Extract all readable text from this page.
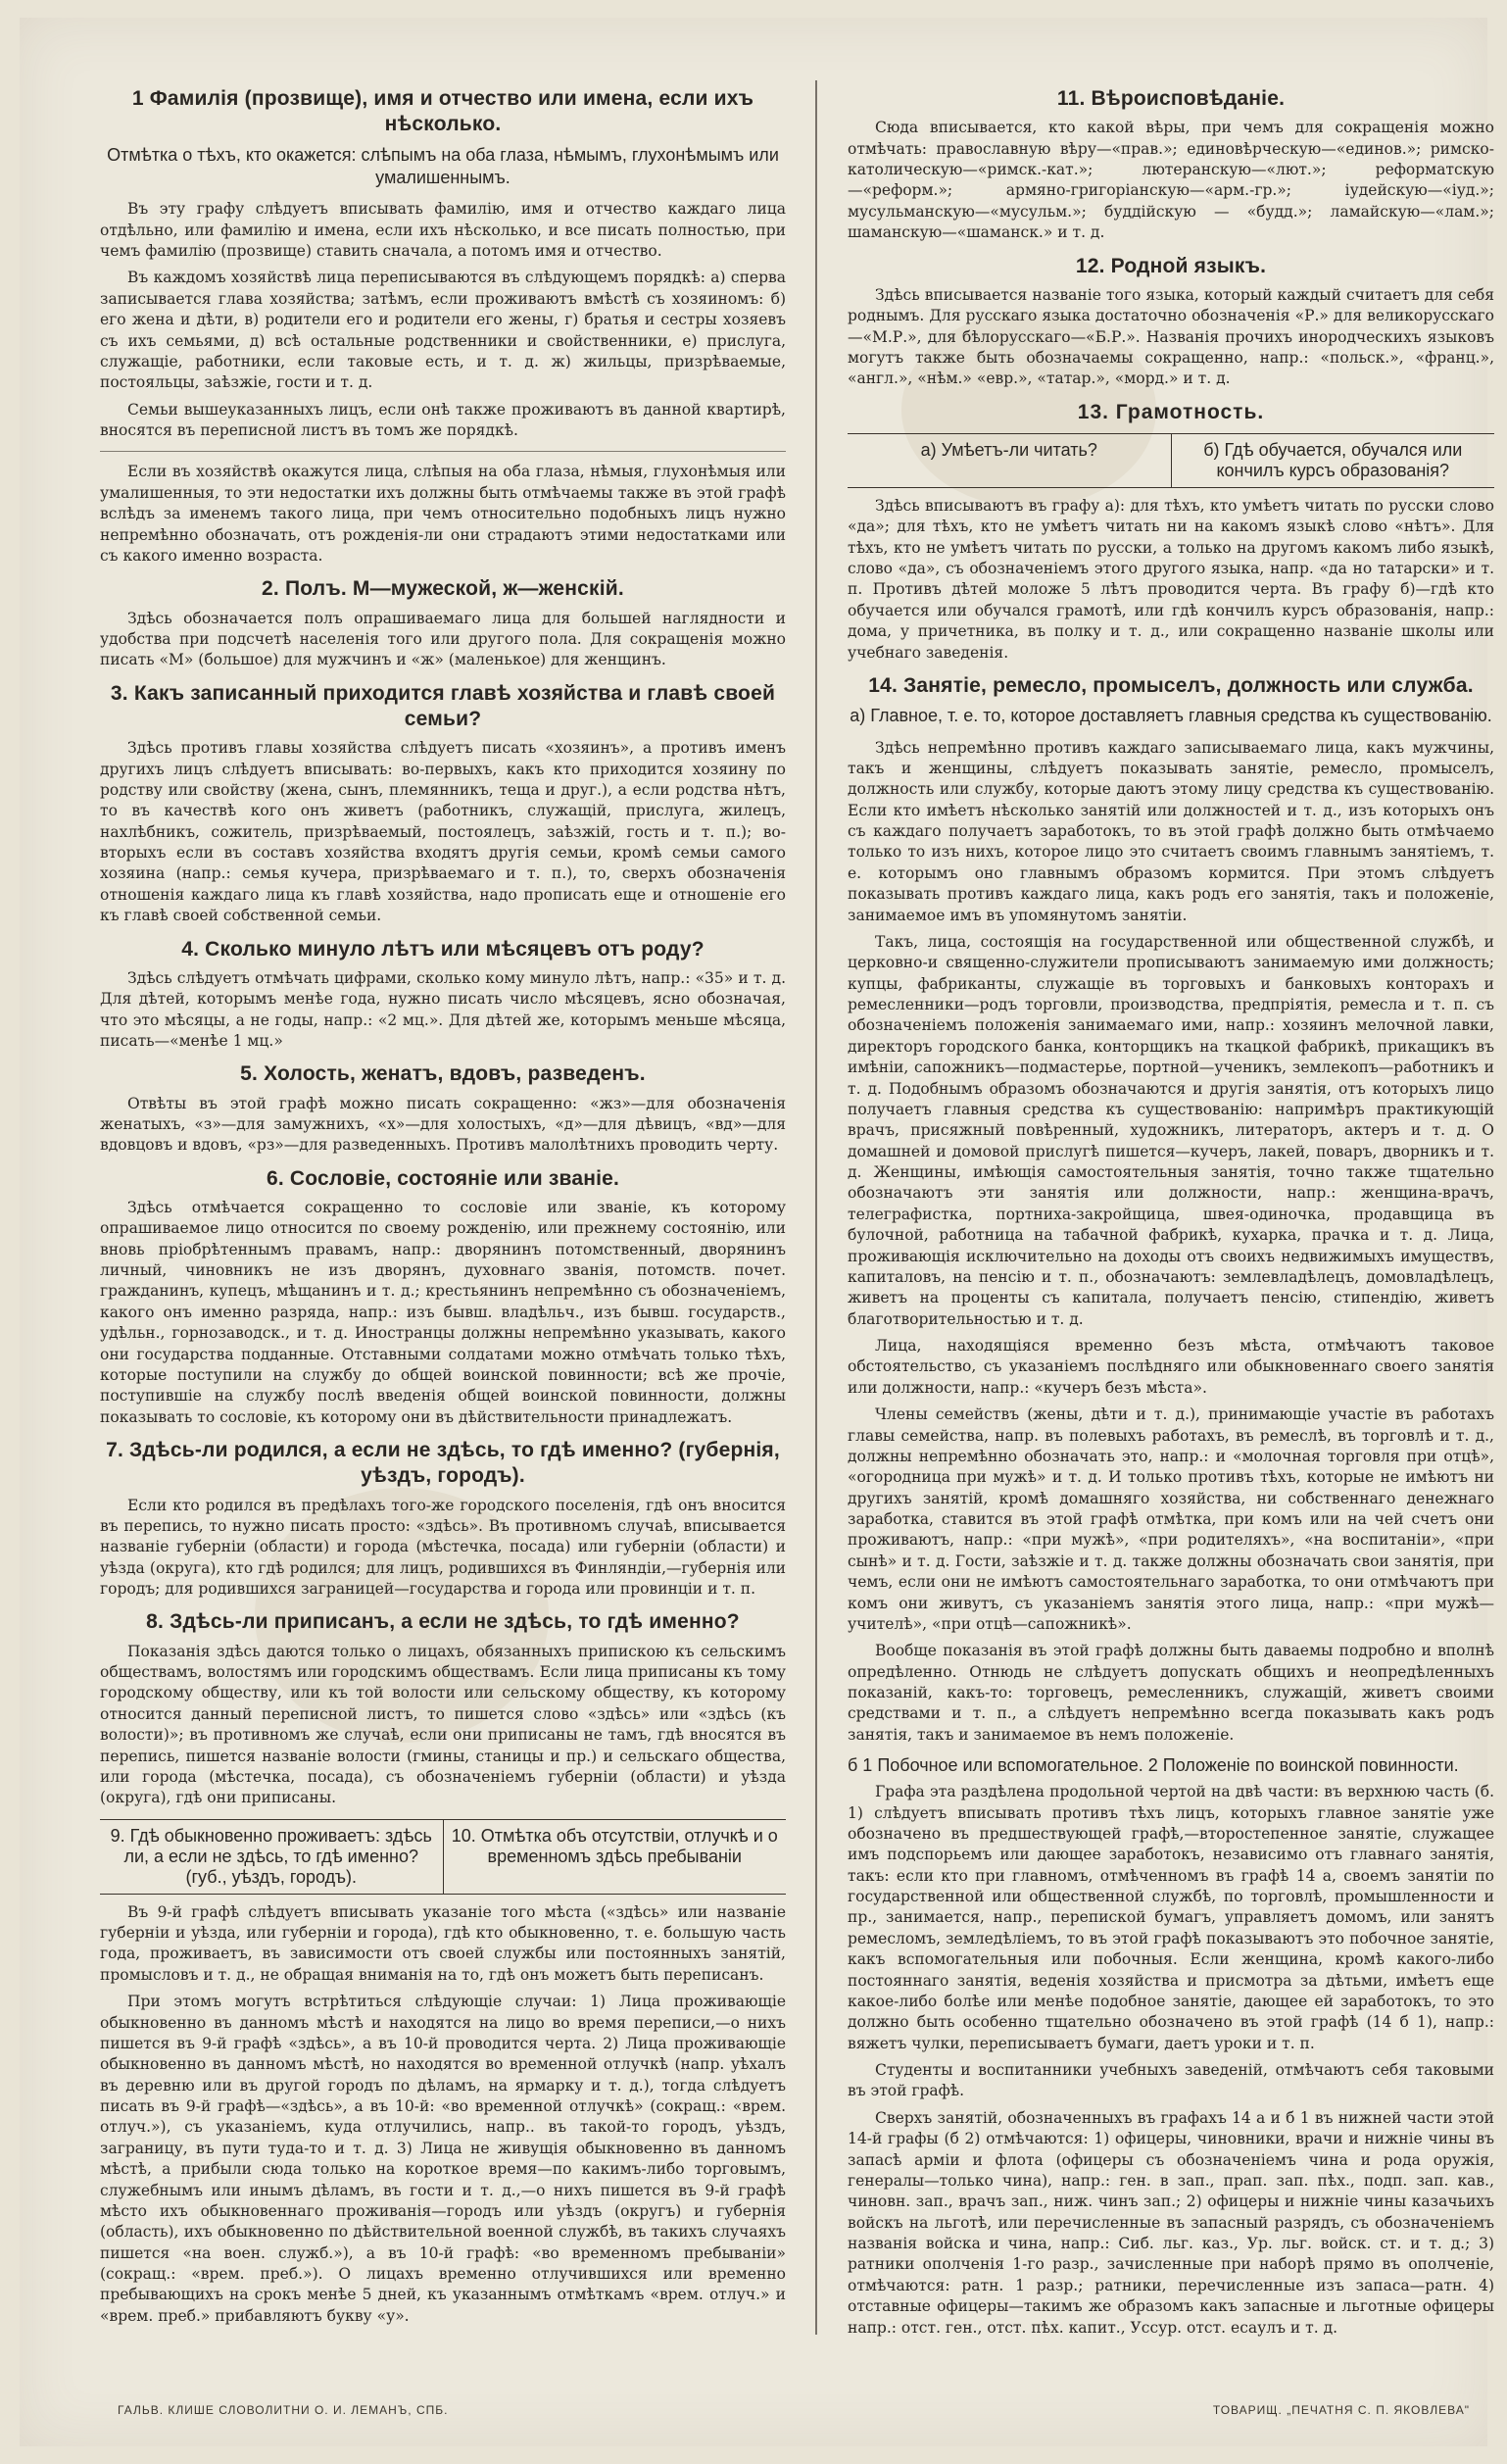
1 Фамилія (прозвище), имя и отчество или имена, если ихъ нѣсколько.
Отмѣтка о тѣхъ, кто окажется: слѣпымъ на оба глаза, нѣмымъ, глухонѣмымъ или умалишеннымъ.

Въ эту графу слѣдуетъ вписывать фамилію, имя и отчество каждаго лица отдѣльно, или фамилію и имена, если ихъ нѣсколько, и все писать полностью, при чемъ фамилію (прозвище) ставить сначала, а потомъ имя и отчество.

Въ каждомъ хозяйствѣ лица переписываются въ слѣдующемъ порядкѣ: а) сперва записывается глава хозяйства; затѣмъ, если проживаютъ вмѣстѣ съ хозяиномъ: б) его жена и дѣти, в) родители его и родители его жены, г) братья и сестры хозяевъ съ ихъ семьями, д) всѣ остальные родственники и свойственники, е) прислуга, служащіе, работники, если таковые есть, и т. д. ж) жильцы, призрѣваемые, постояльцы, заѣзжіе, гости и т. д.

Семьи вышеуказанныхъ лицъ, если онѣ также проживаютъ въ данной квартирѣ, вносятся въ переписной листъ въ томъ же порядкѣ.

Если въ хозяйствѣ окажутся лица, слѣпыя на оба глаза, нѣмыя, глухонѣмыя или умалишенныя, то эти недостатки ихъ должны быть отмѣчаемы также въ этой графѣ вслѣдъ за именемъ такого лица, при чемъ относительно подобныхъ лицъ нужно непремѣнно обозначать, отъ рожденія-ли они страдаютъ этими недостатками или съ какого именно возраста.

2. Полъ. М—мужеской, ж—женскій.

Здѣсь обозначается полъ опрашиваемаго лица для большей наглядности и удобства при подсчетѣ населенія того или другого пола. Для сокращенія можно писать «М» (большое) для мужчинъ и «ж» (маленькое) для женщинъ.

3. Какъ записанный приходится главѣ хозяйства и главѣ своей семьи?

Здѣсь противъ главы хозяйства слѣдуетъ писать «хозяинъ», а противъ именъ другихъ лицъ слѣдуетъ вписывать: во-первыхъ, какъ кто приходится хозяину по родству или свойству (жена, сынъ, племянникъ, теща и друг.), а если родства нѣтъ, то въ качествѣ кого онъ живетъ (работникъ, служащій, прислуга, жилецъ, нахлѣбникъ, сожитель, призрѣваемый, постоялецъ, заѣзжій, гость и т. п.); во-вторыхъ если въ составъ хозяйства входятъ другія семьи, кромѣ семьи самого хозяина (напр.: семья кучера, призрѣваемаго и т. п.), то, сверхъ обозначенія отношенія каждаго лица къ главѣ хозяйства, надо прописать еще и отношеніе его къ главѣ своей собственной семьи.

4. Сколько минуло лѣтъ или мѣсяцевъ отъ роду?

Здѣсь слѣдуетъ отмѣчать цифрами, сколько кому минуло лѣтъ, напр.: «35» и т. д. Для дѣтей, которымъ менѣе года, нужно писать число мѣсяцевъ, ясно обозначая, что это мѣсяцы, а не годы, напр.: «2 мц.». Для дѣтей же, которымъ меньше мѣсяца, писать—«менѣе 1 мц.»

5. Холость, женатъ, вдовъ, разведенъ.

Отвѣты въ этой графѣ можно писать сокращенно: «жз»—для обозначенія женатыхъ, «з»—для замужнихъ, «х»—для холостыхъ, «д»—для дѣвицъ, «вд»—для вдовцовъ и вдовъ, «рз»—для разведенныхъ. Противъ малолѣтнихъ проводить черту.

6. Сословіе, состояніе или званіе.

Здѣсь отмѣчается сокращенно то сословіе или званіе, къ которому опрашиваемое лицо относится по своему рожденію, или прежнему состоянію, или вновь пріобрѣтеннымъ правамъ, напр.: дворянинъ потомственный, дворянинъ личный, чиновникъ не изъ дворянъ, духовнаго званія, потомств. почет. гражданинъ, купецъ, мѣщанинъ и т. д.; крестьянинъ непремѣнно съ обозначеніемъ, какого онъ именно разряда, напр.: изъ бывш. владѣльч., изъ бывш. государств., удѣльн., горнозаводск., и т. д. Иностранцы должны непремѣнно указывать, какого они государства подданные. Отставными солдатами можно отмѣчать только тѣхъ, которые поступили на службу до общей воинской повинности; всѣ же прочіе, поступившіе на службу послѣ введенія общей воинской повинности, должны показывать то сословіе, къ которому они въ дѣйствительности принадлежатъ.

7. Здѣсь-ли родился, а если не здѣсь, то гдѣ именно? (губернія, уѣздъ, городъ).

Если кто родился въ предѣлахъ того-же городского поселенія, гдѣ онъ вносится въ перепись, то нужно писать просто: «здѣсь». Въ противномъ случаѣ, вписывается названіе губерніи (области) и города (мѣстечка, посада) или губерніи (области) и уѣзда (округа), кто гдѣ родился; для лицъ, родившихся въ Финляндіи,—губернія или городъ; для родившихся заграницей—государства и города или провинціи и т. п.

8. Здѣсь-ли приписанъ, а если не здѣсь, то гдѣ именно?

Показанія здѣсь даются только о лицахъ, обязанныхъ припискою къ сельскимъ обществамъ, волостямъ или городскимъ обществамъ. Если лица приписаны къ тому городскому обществу, или къ той волости или сельскому обществу, къ которому относится данный переписной листъ, то пишется слово «здѣсь» или «здѣсь (къ волости)»; въ противномъ же случаѣ, если они приписаны не тамъ, гдѣ вносятся въ перепись, пишется названіе волости (гмины, станицы и пр.) и сельскаго общества, или города (мѣстечка, посада), съ обозначеніемъ губерніи (области) и уѣзда (округа), гдѣ они приписаны.

9. Гдѣ обыкновенно проживаетъ: здѣсь ли, а если не здѣсь, то гдѣ именно? (губ., уѣздъ, городъ).
10. Отмѣтка объ отсутствіи, отлучкѣ и о временномъ здѣсь пребываніи

Въ 9-й графѣ слѣдуетъ вписывать указаніе того мѣста («здѣсь» или названіе губерніи и уѣзда, или губерніи и города), гдѣ кто обыкновенно, т. е. большую часть года, проживаетъ, въ зависимости отъ своей службы или постоянныхъ занятій, промысловъ и т. д., не обращая вниманія на то, гдѣ онъ можетъ быть переписанъ.

При этомъ могутъ встрѣтиться слѣдующіе случаи: 1) Лица проживающіе обыкновенно въ данномъ мѣстѣ и находятся на лицо во время переписи,—о нихъ пишется въ 9-й графѣ «здѣсь», а въ 10-й проводится черта. 2) Лица проживающіе обыкновенно въ данномъ мѣстѣ, но находятся во временной отлучкѣ (напр. уѣхалъ въ деревню или въ другой городъ по дѣламъ, на ярмарку и т. д.), тогда слѣдуетъ писать въ 9-й графѣ—«здѣсь», а въ 10-й: «во временной отлучкѣ» (сокращ.: «врем. отлуч.»), съ указаніемъ, куда отлучились, напр.. въ такой-то городъ, уѣздъ, заграницу, въ пути туда-то и т. д. 3) Лица не живущія обыкновенно въ данномъ мѣстѣ, а прибыли сюда только на короткое время—по какимъ-либо торговымъ, служебнымъ или инымъ дѣламъ, въ гости и т. д.,—о нихъ пишется въ 9-й графѣ мѣсто ихъ обыкновеннаго проживанія—городъ или уѣздъ (округъ) и губернія (область), ихъ обыкновенно по дѣйствительной военной службѣ, въ такихъ случаяхъ пишется «на воен. служб.»), а въ 10-й графѣ: «во временномъ пребываніи» (сокращ.: «врем. преб.»). О лицахъ временно отлучившихся или временно пребывающихъ на срокъ менѣе 5 дней, къ указаннымъ отмѣткамъ «врем. отлуч.» и «врем. преб.» прибавляютъ букву «у».

11. Вѣроисповѣданіе.

Сюда вписывается, кто какой вѣры, при чемъ для сокращенія можно отмѣчать: православную вѣру—«прав.»; единовѣрческую—«единов.»; римско-католическую—«римск.-кат.»; лютеранскую—«лют.»; реформатскую—«реформ.»; армяно-григоріанскую—«арм.-гр.»; іудейскую—«іуд.»; мусульманскую—«мусульм.»; буддійскую — «будд.»; ламайскую—«лам.»; шаманскую—«шаманск.» и т. д.

12. Родной языкъ.

Здѣсь вписывается названіе того языка, который каждый считаетъ для себя роднымъ. Для русскаго языка достаточно обозначенія «Р.» для великорусскаго—«М.Р.», для бѣлорусскаго—«Б.Р.». Названія прочихъ инородческихъ языковъ могутъ также быть обозначаемы сокращенно, напр.: «польск.», «франц.», «англ.», «нѣм.» «евр.», «татар.», «морд.» и т. д.

13. Грамотность.
а) Умѣетъ-ли читать?	б) Гдѣ обучается, обучался или кончилъ курсъ образованія?

Здѣсь вписываютъ въ графу а): для тѣхъ, кто умѣетъ читать по русски слово «да»; для тѣхъ, кто не умѣетъ читать ни на какомъ языкѣ слово «нѣтъ». Для тѣхъ, кто не умѣетъ читать по русски, а только на другомъ какомъ либо языкѣ, слово «да», съ обозначеніемъ этого другого языка, напр. «да но татарски» и т. п. Противъ дѣтей моложе 5 лѣтъ проводится черта. Въ графу б)—гдѣ кто обучается или обучался грамотѣ, или гдѣ кончилъ курсъ образованія, напр.: дома, у причетника, въ полку и т. д., или сокращенно названіе школы или учебнаго заведенія.

14. Занятіе, ремесло, промыселъ, должность или служба.
а) Главное, т. е. то, которое доставляетъ главныя средства къ существованію.

Здѣсь непремѣнно противъ каждаго записываемаго лица, какъ мужчины, такъ и женщины, слѣдуетъ показывать занятіе, ремесло, промыселъ, должность или службу, которые даютъ этому лицу средства къ существованію. Если кто имѣетъ нѣсколько занятій или должностей и т. д., изъ которыхъ онъ съ каждаго получаетъ заработокъ, то въ этой графѣ должно быть отмѣчаемо только то изъ нихъ, которое лицо это считаетъ своимъ главнымъ занятіемъ, т. е. которымъ оно главнымъ образомъ кормится. При этомъ слѣдуетъ показывать противъ каждаго лица, какъ родъ его занятія, такъ и положеніе, занимаемое имъ въ упомянутомъ занятіи.

Такъ, лица, состоящія на государственной или общественной службѣ, и церковно-и священно-служители прописываютъ занимаемую ими должность; купцы, фабриканты, служащіе въ торговыхъ и банковыхъ конторахъ и ремесленники—родъ торговли, производства, предпріятія, ремесла и т. п. съ обозначеніемъ положенія занимаемаго ими, напр.: хозяинъ мелочной лавки, директоръ городского банка, конторщикъ на ткацкой фабрикѣ, прикащикъ въ имѣніи, сапожникъ—подмастерье, портной—ученикъ, землекопъ—работникъ и т. д. Подобнымъ образомъ обозначаются и другія занятія, отъ которыхъ лицо получаетъ главныя средства къ существованію: напримѣръ практикующій врачъ, присяжный повѣренный, художникъ, литераторъ, актеръ и т. д. О домашней и домовой прислугѣ пишется—кучеръ, лакей, поваръ, дворникъ и т. д. Женщины, имѣющія самостоятельныя занятія, точно также тщательно обозначаютъ эти занятія или должности, напр.: женщина-врачъ, телеграфистка, портниха-закройщица, швея-одиночка, продавщица въ булочной, работница на табачной фабрикѣ, кухарка, прачка и т. д. Лица, проживающія исключительно на доходы отъ своихъ недвижимыхъ имуществъ, капиталовъ, на пенсію и т. п., обозначаютъ: землевладѣлецъ, домовладѣлецъ, живетъ на проценты съ капитала, получаетъ пенсію, стипендію, живетъ благотворительностью и т. д.

Лица, находящіяся временно безъ мѣста, отмѣчаютъ таковое обстоятельство, съ указаніемъ послѣдняго или обыкновеннаго своего занятія или должности, напр.: «кучеръ безъ мѣста».

Члены семействъ (жены, дѣти и т. д.), принимающіе участіе въ работахъ главы семейства, напр. въ полевыхъ работахъ, въ ремеслѣ, въ торговлѣ и т. д., должны непремѣнно обозначать это, напр.: и «молочная торговля при отцѣ», «огородница при мужѣ» и т. д. И только противъ тѣхъ, которые не имѣютъ ни другихъ занятій, кромѣ домашняго хозяйства, ни собственнаго денежнаго заработка, ставится въ этой графѣ отмѣтка, при комъ или на чей счетъ они проживаютъ, напр.: «при мужѣ», «при родителяхъ», «на воспитаніи», «при сынѣ» и т. д. Гости, заѣзжіе и т. д. также должны обозначать свои занятія, при чемъ, если они не имѣютъ самостоятельнаго заработка, то они отмѣчаютъ при комъ они живутъ, съ указаніемъ занятія этого лица, напр.: «при мужѣ—учителѣ», «при отцѣ—сапожникѣ».

Вообще показанія въ этой графѣ должны быть даваемы подробно и вполнѣ опредѣленно. Отнюдь не слѣдуетъ допускать общихъ и неопредѣленныхъ показаній, какъ-то: торговецъ, ремесленникъ, служащій, живетъ своими средствами и т. п., а слѣдуетъ непремѣнно всегда показывать какъ родъ занятія, такъ и занимаемое въ немъ положеніе.

б 1 Побочное или вспомогательное. 2 Положеніе по воинской повинности.

Графа эта раздѣлена продольной чертой на двѣ части: въ верхнюю часть (б. 1) слѣдуетъ вписывать противъ тѣхъ лицъ, которыхъ главное занятіе уже обозначено въ предшествующей графѣ,—второстепенное занятіе, служащее имъ подспорьемъ или дающее заработокъ, независимо отъ главнаго занятія, такъ: если кто при главномъ, отмѣченномъ въ графѣ 14 а, своемъ занятіи по государственной или общественной службѣ, по торговлѣ, промышленности и пр., занимается, напр., перепиской бумагъ, управляетъ домомъ, или занятъ ремесломъ, земледѣліемъ, то въ этой графѣ показываютъ это побочное занятіе, какъ вспомогательныя или побочныя. Если женщина, кромѣ какого-либо постояннаго занятія, веденія хозяйства и присмотра за дѣтьми, имѣетъ еще какое-либо болѣе или менѣе подобное занятіе, дающее ей заработокъ, то это должно быть особенно тщательно обозначено въ этой графѣ (14 б 1), напр.: вяжетъ чулки, переписываетъ бумаги, даетъ уроки и т. п.

Студенты и воспитанники учебныхъ заведеній, отмѣчаютъ себя таковыми въ этой графѣ.

Сверхъ занятій, обозначенныхъ въ графахъ 14 а и б 1 въ нижней части этой 14-й графы (б 2) отмѣчаются: 1) офицеры, чиновники, врачи и нижніе чины въ запасѣ арміи и флота (офицеры съ обозначеніемъ чина и рода оружія, генералы—только чина), напр.: ген. в зап., прап. зап. пѣх., подп. зап. кав., чиновн. зап., врачъ зап., ниж. чинъ зап.; 2) офицеры и нижніе чины казачьихъ войскъ на льготѣ, или перечисленные въ запасный разрядъ, съ обозначеніемъ названія войска и чина, напр.: Сиб. льг. каз., Ур. льг. войск. ст. и т. д.; 3) ратники ополченія 1-го разр., зачисленные при наборѣ прямо въ ополченіе, отмѣчаются: ратн. 1 разр.; ратники, перечисленные изъ запаса—ратн. 4) отставные офицеры—такимъ же образомъ какъ запасные и льготные офицеры напр.: отст. ген., отст. пѣх. капит., Уссур. отст. есаулъ и т. д.

ГАЛЬВ. КЛИШЕ СЛОВОЛИТНИ О. И. ЛЕМАНЪ, СПБ.	ТОВАРИЩ. „ПЕЧАТНЯ С. П. ЯКОВЛЕВА"
